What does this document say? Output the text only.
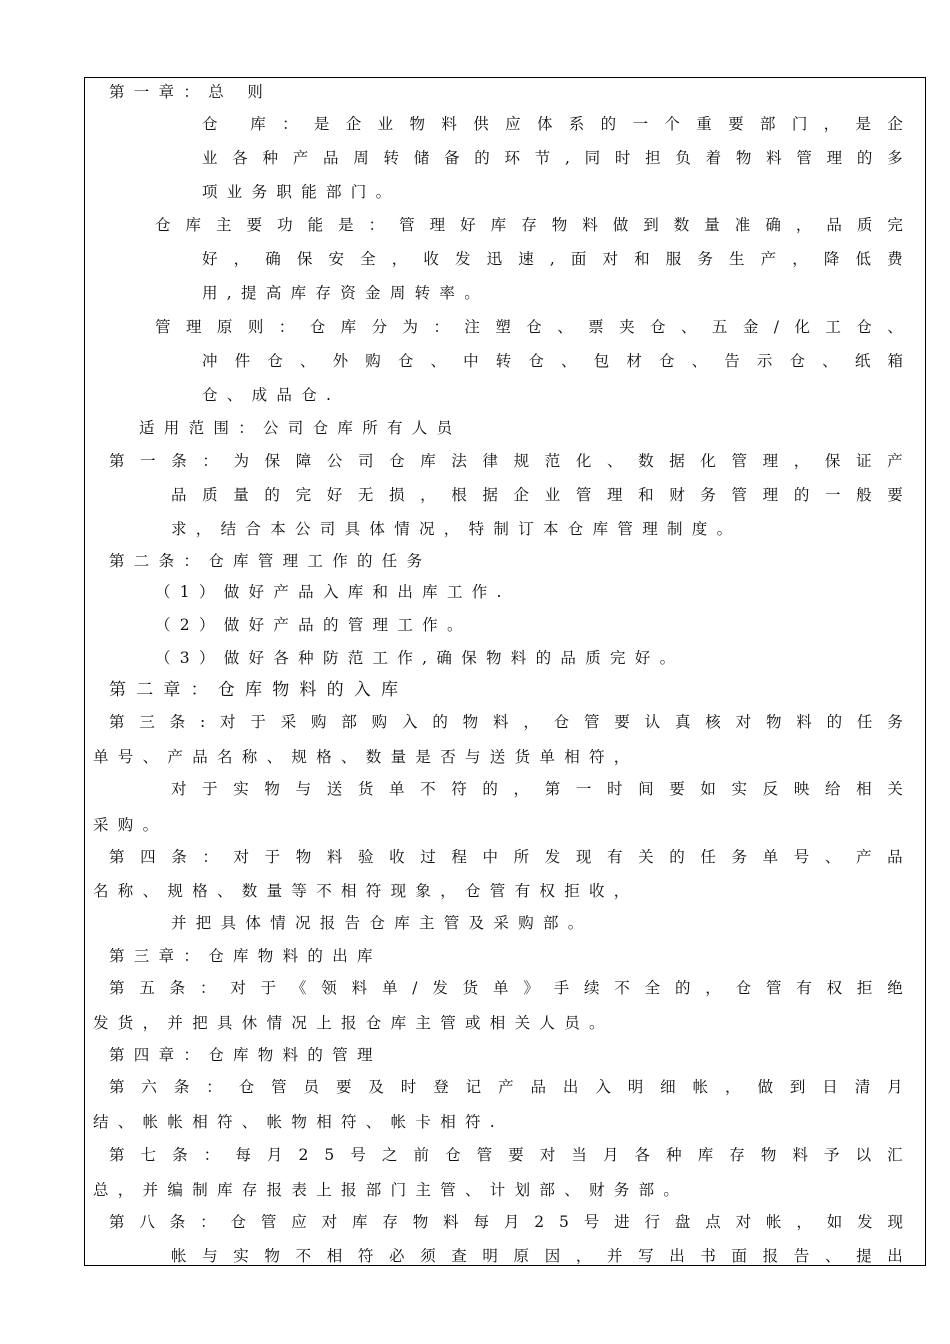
第一章：总 则
仓 库 ： 是 企 业 物 料 供 应 体 系 的 一 个 重 要 部 门 ， 是 企
业 各 种 产 品 周 转 储 备 的 环 节 , 同 时 担 负 着 物 料 管 理 的 多
项业务职能部门。
仓 库 主 要 功 能 是 ： 管 理 好 库 存 物 料 做 到 数 量 准 确 ， 品 质 完
好 ， 确 保 安 全 ， 收 发 迅 速 , 面 对 和 服 务 生 产 ， 降 低 费
用,提高库存资金周转率。
管 理 原 则 ： 仓 库 分 为 ： 注 塑 仓 、 票 夹 仓 、 五 金 / 化 工 仓 、
冲 件 仓 、 外 购 仓 、 中 转 仓 、 包 材 仓 、 告 示 仓 、 纸 箱
仓、成品仓.
适用范围：公司仓库所有人员
第 一 条 ： 为 保 障 公 司 仓 库 法 律 规 范 化 、 数 据 化 管 理 ， 保 证 产
品 质 量 的 完 好 无 损 ， 根 据 企 业 管 理 和 财 务 管 理 的 一 般 要
求，结合本公司具体情况，特制订本仓库管理制度。
第二条：仓库管理工作的任务
（1）做好产品入库和出库工作.
（2）做好产品的管理工作。
（3）做好各种防范工作,确保物料的品质完好。
第二章：仓库物料的入库
第 三 条 : 对 于 采 购 部 购 入 的 物 料 ， 仓 管 要 认 真 核 对 物 料 的 任 务
单号、产品名称、规格、数量是否与送货单相符，
对 于 实 物 与 送 货 单 不 符 的 ， 第 一 时 间 要 如 实 反 映 给 相 关
采购。
第 四 条 ： 对 于 物 料 验 收 过 程 中 所 发 现 有 关 的 任 务 单 号 、 产 品
名称、规格、数量等不相符现象，仓管有权拒收，
并把具体情况报告仓库主管及采购部。
第三章：仓库物料的出库
第 五 条 ： 对 于 《 领 料 单 / 发 货 单 》 手 续 不 全 的 ， 仓 管 有 权 拒 绝
发货，并把具休情况上报仓库主管或相关人员。
第四章：仓库物料的管理
第 六 条 ： 仓 管 员 要 及 时 登 记 产 品 出 入 明 细 帐 ， 做 到 日 清 月
结、帐帐相符、帐物相符、帐卡相符.
第 七 条 ： 每 月 2 5 号 之 前 仓 管 要 对 当 月 各 种 库 存 物 料 予 以 汇
总，并编制库存报表上报部门主管、计划部、财务部。
第 八 条 ： 仓 管 应 对 库 存 物 料 每 月 2 5 号 进 行 盘 点 对 帐 ， 如 发 现
帐 与 实 物 不 相 符 必 须 查 明 原 因 ， 并 写 出 书 面 报 告 、 提 出
